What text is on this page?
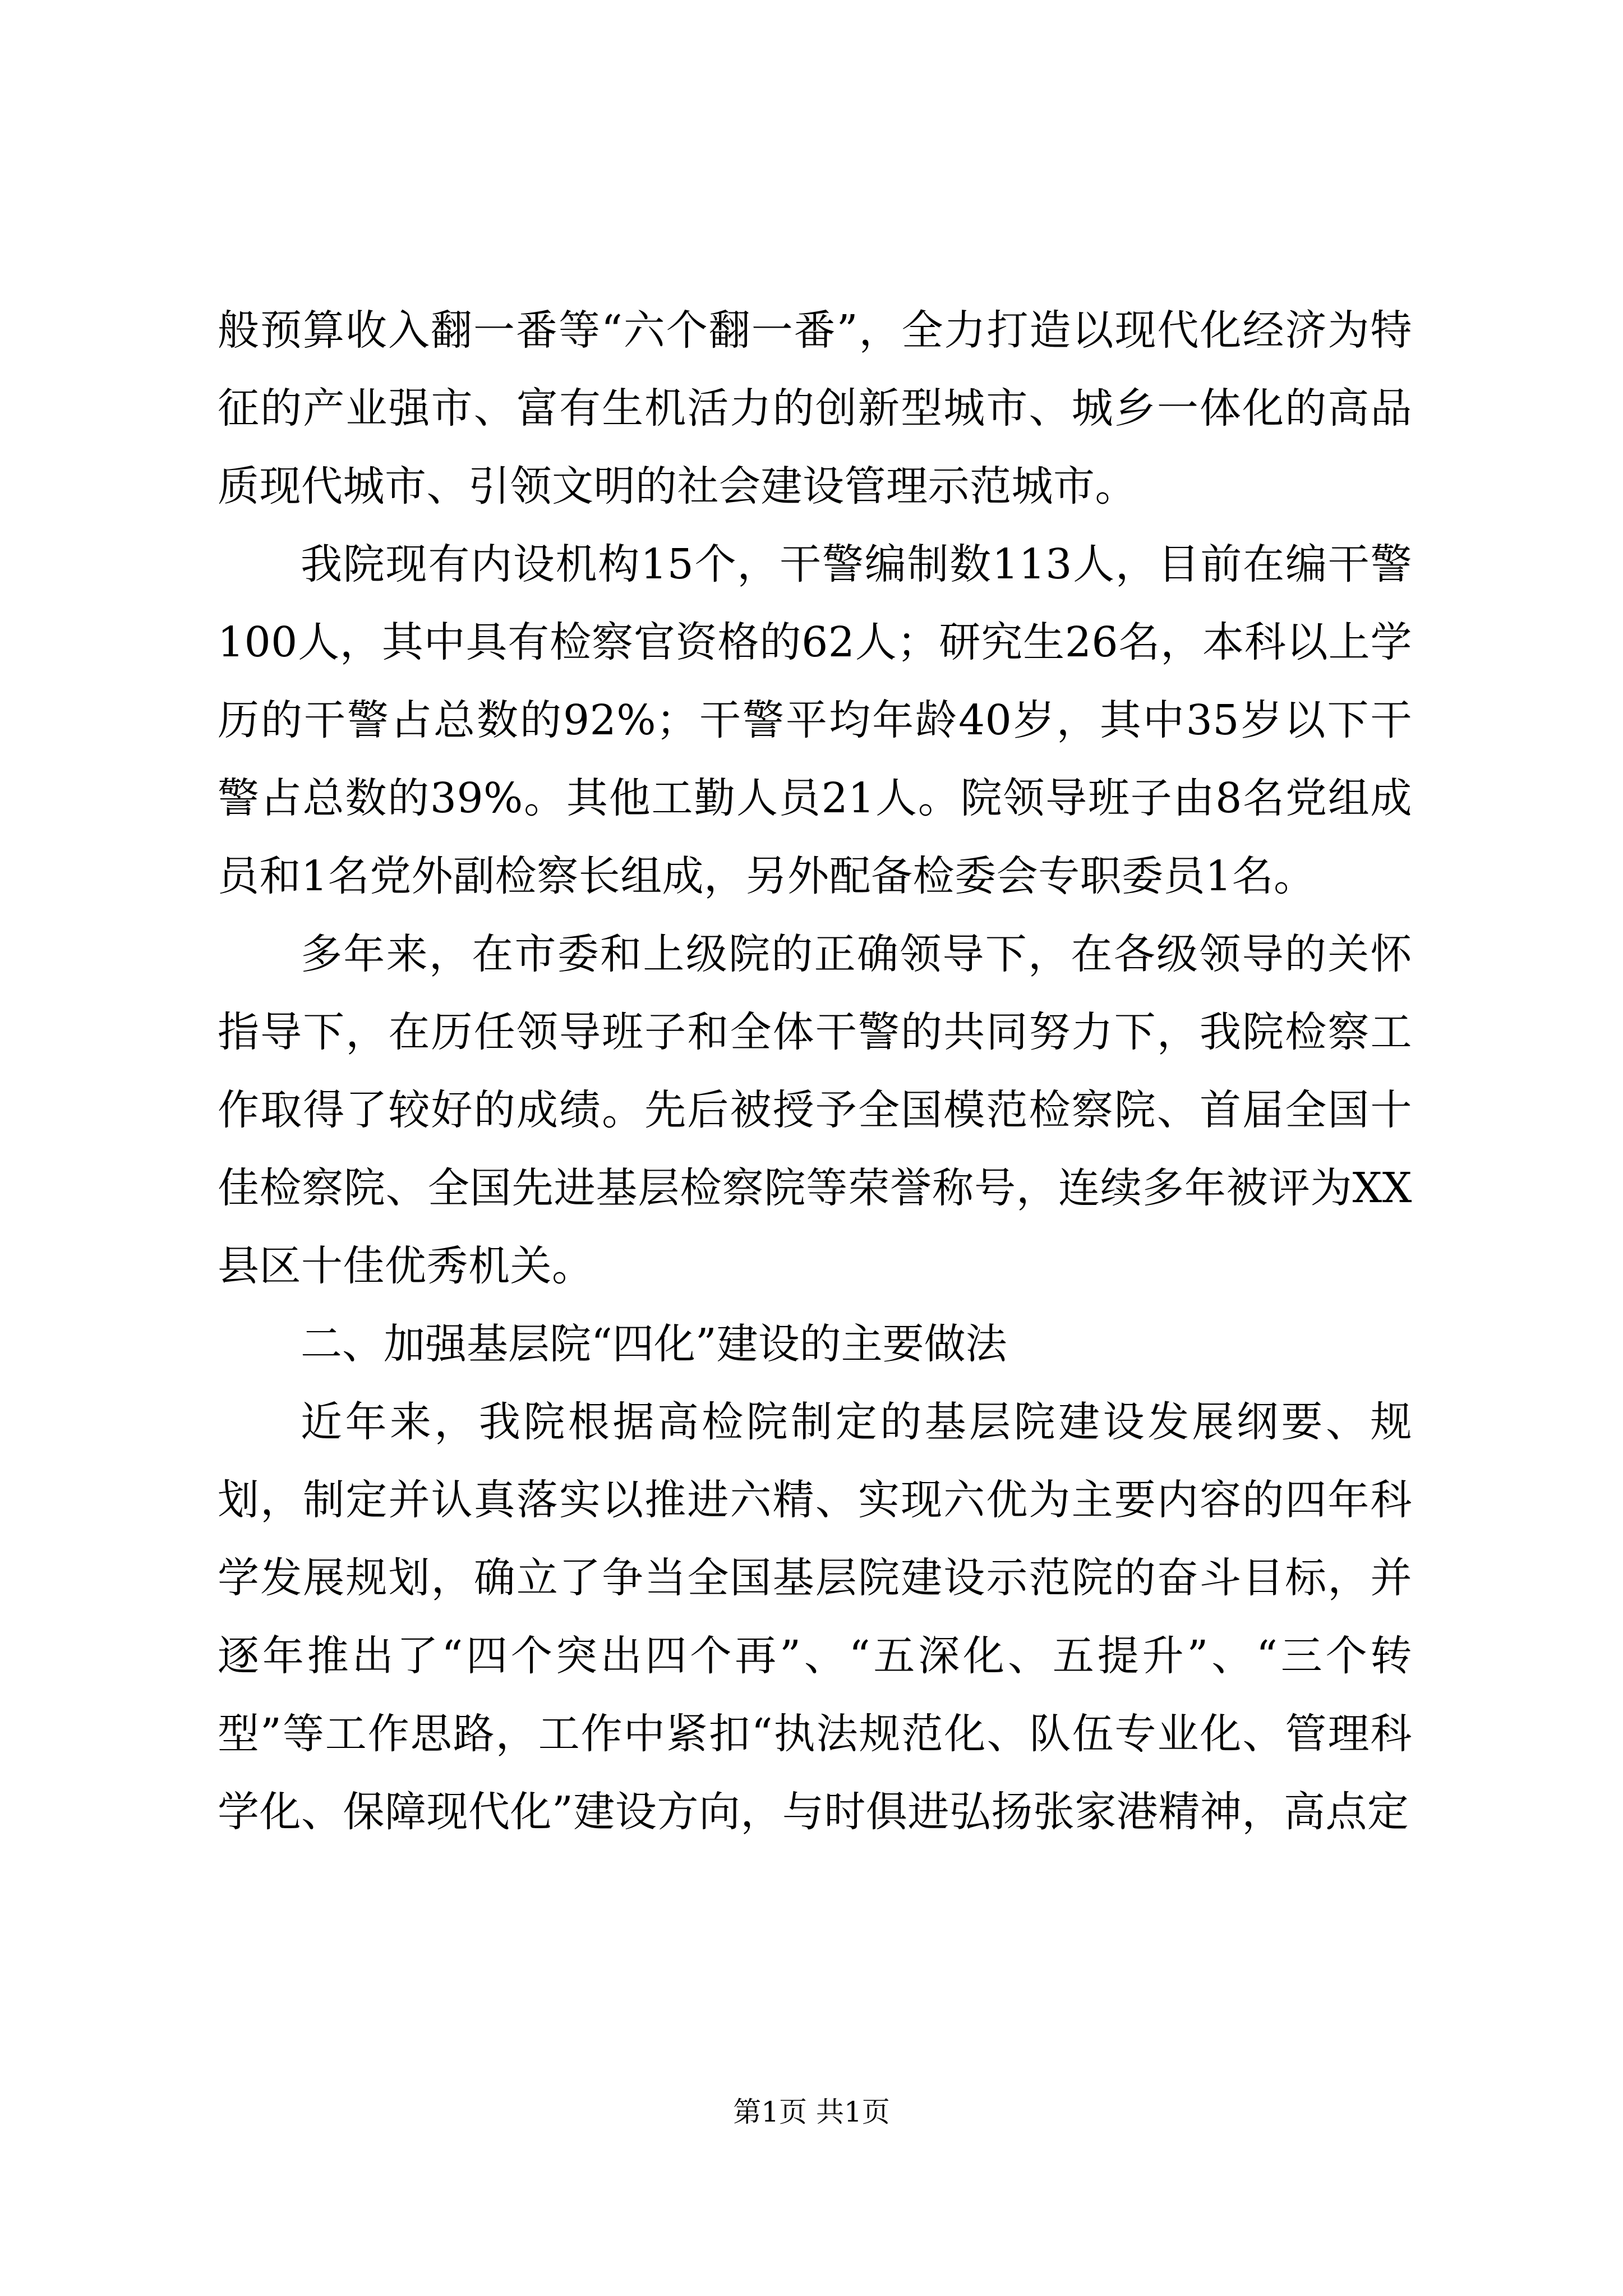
般预算收入翻一番等“六个翻一番”，全力打造以现代化经济为特征的产业强市、富有生机活力的创新型城市、城乡一体化的高品质现代城市、引领文明的社会建设管理示范城市。

我院现有内设机构15个，干警编制数113人，目前在编干警100人，其中具有检察官资格的62人；研究生26名，本科以上学历的干警占总数的92%；干警平均年龄40岁，其中35岁以下干警占总数的39%。其他工勤人员21人。院领导班子由8名党组成员和1名党外副检察长组成，另外配备检委会专职委员1名。

多年来，在市委和上级院的正确领导下，在各级领导的关怀指导下，在历任领导班子和全体干警的共同努力下，我院检察工作取得了较好的成绩。先后被授予全国模范检察院、首届全国十佳检察院、全国先进基层检察院等荣誉称号，连续多年被评为XX县区十佳优秀机关。

二、加强基层院“四化”建设的主要做法

近年来，我院根据高检院制定的基层院建设发展纲要、规划，制定并认真落实以推进六精、实现六优为主要内容的四年科学发展规划，确立了争当全国基层院建设示范院的奋斗目标，并逐年推出了“四个突出四个再”、“五深化、五提升”、“三个转型”等工作思路，工作中紧扣“执法规范化、队伍专业化、管理科学化、保障现代化”建设方向，与时俱进弘扬张家港精神，高点定

第1页 共1页
